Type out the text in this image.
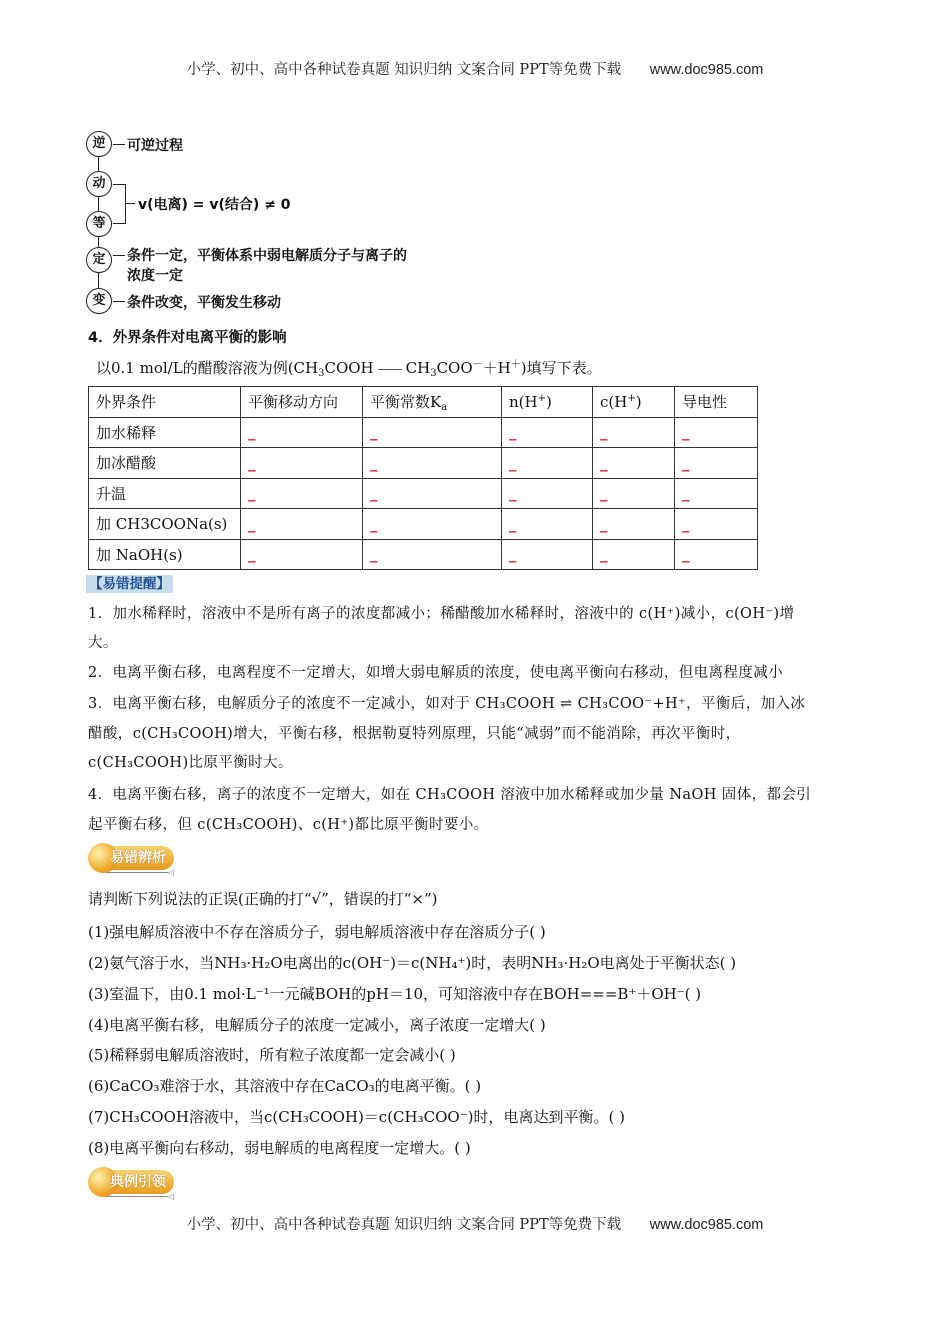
小学、初中、高中各种试卷真题 知识归纳 文案合同 PPT等免费下载 www.doc985.com
逆
动
等
定
变
可逆过程
v(电离) = v(结合) ≠ 0
条件一定，平衡体系中弱电解质分子与离子的
浓度一定
条件改变，平衡发生移动
4．外界条件对电离平衡的影响
以0.1 mol/L的醋酸溶液为例($CH_3COOH$ $CH_3COO^-+H^+$)填写下表。
外界条件	平衡移动方向	平衡常数$K_a$	n(H+)	c(H+)	导电性
加水稀释	_	_	_	_	_
加冰醋酸	_	_	_	_	_
升温	_	_	_	_	_
加 CH3COONa(s)	_	_	_	_	_
加 NaOH(s)	_	_	_	_	_
【易错提醒】
1．加水稀释时，溶液中不是所有离子的浓度都减小；稀醋酸加水稀释时，溶液中的 c(H⁺)减小，c(OH⁻)增
大。
2．电离平衡右移，电离程度不一定增大，如增大弱电解质的浓度，使电离平衡向右移动，但电离程度减小
3．电离平衡右移，电解质分子的浓度不一定减小，如对于 CH₃COOH ⇌ CH₃COO⁻+H⁺，平衡后，加入冰
醋酸，c(CH₃COOH)增大，平衡右移，根据勒夏特列原理，只能“减弱”而不能消除，再次平衡时，
c(CH₃COOH)比原平衡时大。
4．电离平衡右移，离子的浓度不一定增大，如在 CH₃COOH 溶液中加水稀释或加少量 NaOH 固体，都会引
起平衡右移，但 c(CH₃COOH)、c(H⁺)都比原平衡时要小。
易错辨析
◁
请判断下列说法的正误(正确的打“√”，错误的打“×”)
(1)强电解质溶液中不存在溶质分子，弱电解质溶液中存在溶质分子( )
(2)氨气溶于水，当NH₃·H₂O电离出的c(OH⁻)＝c(NH₄⁺)时，表明NH₃·H₂O电离处于平衡状态( )
(3)室温下，由0.1 mol·L⁻¹一元碱BOH的pH＝10，可知溶液中存在BOH===B⁺＋OH⁻( )
(4)电离平衡右移，电解质分子的浓度一定减小，离子浓度一定增大( )
(5)稀释弱电解质溶液时，所有粒子浓度都一定会减小( )
(6)CaCO₃难溶于水，其溶液中存在CaCO₃的电离平衡。( )
(7)CH₃COOH溶液中，当c(CH₃COOH)＝c(CH₃COO⁻)时，电离达到平衡。( )
(8)电离平衡向右移动，弱电解质的电离程度一定增大。( )
典例引领
◁
小学、初中、高中各种试卷真题 知识归纳 文案合同 PPT等免费下载 www.doc985.com
